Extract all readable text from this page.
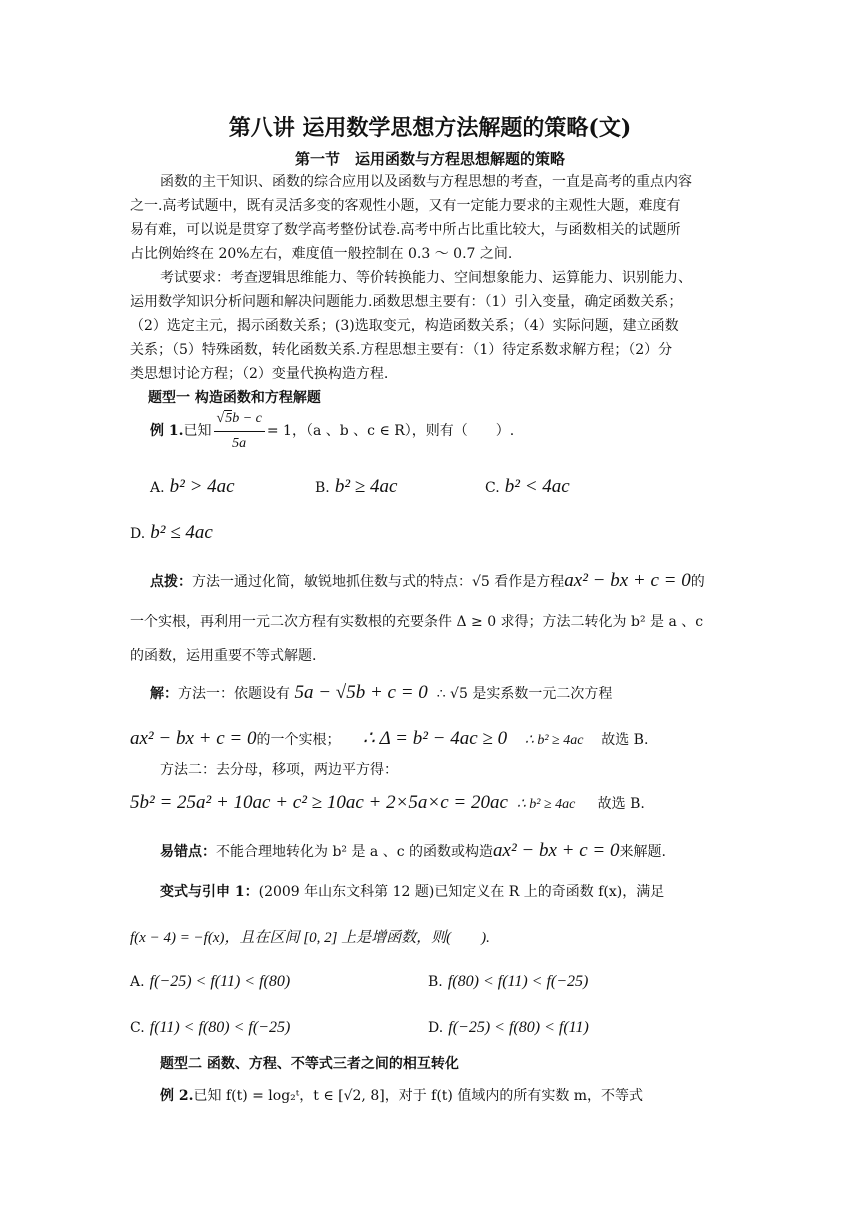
第八讲 运用数学思想方法解题的策略(文)
第一节　运用函数与方程思想解题的策略
函数的主干知识、函数的综合应用以及函数与方程思想的考查，一直是高考的重点内容
之一.高考试题中，既有灵活多变的客观性小题，又有一定能力要求的主观性大题，难度有
易有难，可以说是贯穿了数学高考整份试卷.高考中所占比重比较大，与函数相关的试题所
占比例始终在 20%左右，难度值一般控制在 0.3 ～ 0.7 之间.
考试要求：考查逻辑思维能力、等价转换能力、空间想象能力、运算能力、识别能力、
运用数学知识分析问题和解决问题能力.函数思想主要有：（1）引入变量，确定函数关系；
（2）选定主元，揭示函数关系；(3)选取变元，构造函数关系；（4）实际问题，建立函数
关系；（5）特殊函数，转化函数关系.方程思想主要有：（1）待定系数求解方程；（2）分
类思想讨论方程；（2）变量代换构造方程.
题型一 构造函数和方程解题
例 1.已知 $\frac{√5b - c}{5a} = 1$，（a 、b 、c ∈ R），则有（　　）.
A. b² > 4ac	B. b² ≥ 4ac	C. b² < 4ac
D. b² ≤ 4ac
点拨：方法一通过化简，敏锐地抓住数与式的特点：√5 看作是方程ax² − bx + c = 0的
一个实根，再利用一元二次方程有实数根的充要条件 Δ ≥ 0 求得；方法二转化为 b² 是 a 、c
的函数，运用重要不等式解题.
解：方法一：依题设有 5a − √5b + c = 0 ∴ √5 是实系数一元二次方程
ax² − bx + c = 0的一个实根； ∴ Δ = b² − 4ac ≥ 0 ∴ b² ≥ 4ac 故选 B.
方法二：去分母，移项，两边平方得：
5b² = 25a² + 10ac + c² ≥ 10ac + 2×5a×c = 20ac ∴ b² ≥ 4ac 故选 B.
易错点：不能合理地转化为 b² 是 a 、c 的函数或构造ax² − bx + c = 0来解题.
变式与引申 1：(2009 年山东文科第 12 题)已知定义在 R 上的奇函数 f(x)，满足
f(x − 4) = −f(x)，且在区间 [0, 2] 上是增函数，则(　　).
A. f(−25) < f(11) < f(80)	B. f(80) < f(11) < f(−25)
C. f(11) < f(80) < f(−25)	D. f(−25) < f(80) < f(11)
题型二 函数、方程、不等式三者之间的相互转化
例 2.已知 f(t) = log₂ᵗ，t ∈ [√2, 8]，对于 f(t) 值域内的所有实数 m，不等式
